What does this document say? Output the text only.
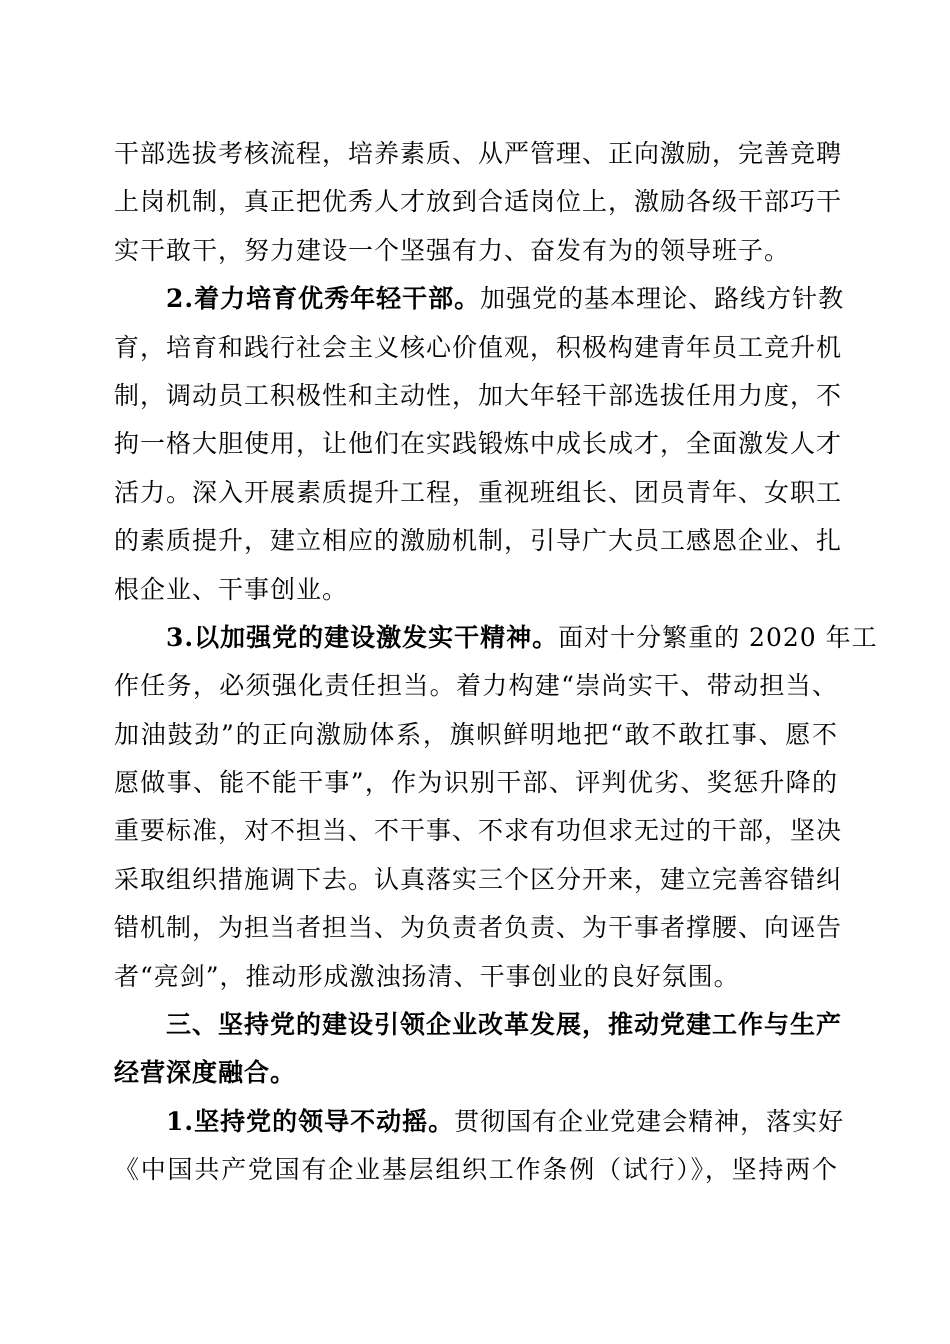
干部选拔考核流程，培养素质、从严管理、正向激励，完善竞聘
上岗机制，真正把优秀人才放到合适岗位上，激励各级干部巧干
实干敢干，努力建设一个坚强有力、奋发有为的领导班子。
2.着力培育优秀年轻干部。加强党的基本理论、路线方针教
育，培育和践行社会主义核心价值观，积极构建青年员工竞升机
制，调动员工积极性和主动性，加大年轻干部选拔任用力度，不
拘一格大胆使用，让他们在实践锻炼中成长成才，全面激发人才
活力。深入开展素质提升工程，重视班组长、团员青年、女职工
的素质提升，建立相应的激励机制，引导广大员工感恩企业、扎
根企业、干事创业。
3.以加强党的建设激发实干精神。面对十分繁重的 2020 年工
作任务，必须强化责任担当。着力构建“崇尚实干、带动担当、
加油鼓劲”的正向激励体系，旗帜鲜明地把“敢不敢扛事、愿不
愿做事、能不能干事”，作为识别干部、评判优劣、奖惩升降的
重要标准，对不担当、不干事、不求有功但求无过的干部，坚决
采取组织措施调下去。认真落实三个区分开来，建立完善容错纠
错机制，为担当者担当、为负责者负责、为干事者撑腰、向诬告
者“亮剑”，推动形成激浊扬清、干事创业的良好氛围。
三、坚持党的建设引领企业改革发展，推动党建工作与生产
经营深度融合。
1.坚持党的领导不动摇。贯彻国有企业党建会精神，落实好
《中国共产党国有企业基层组织工作条例（试行）》，坚持两个
